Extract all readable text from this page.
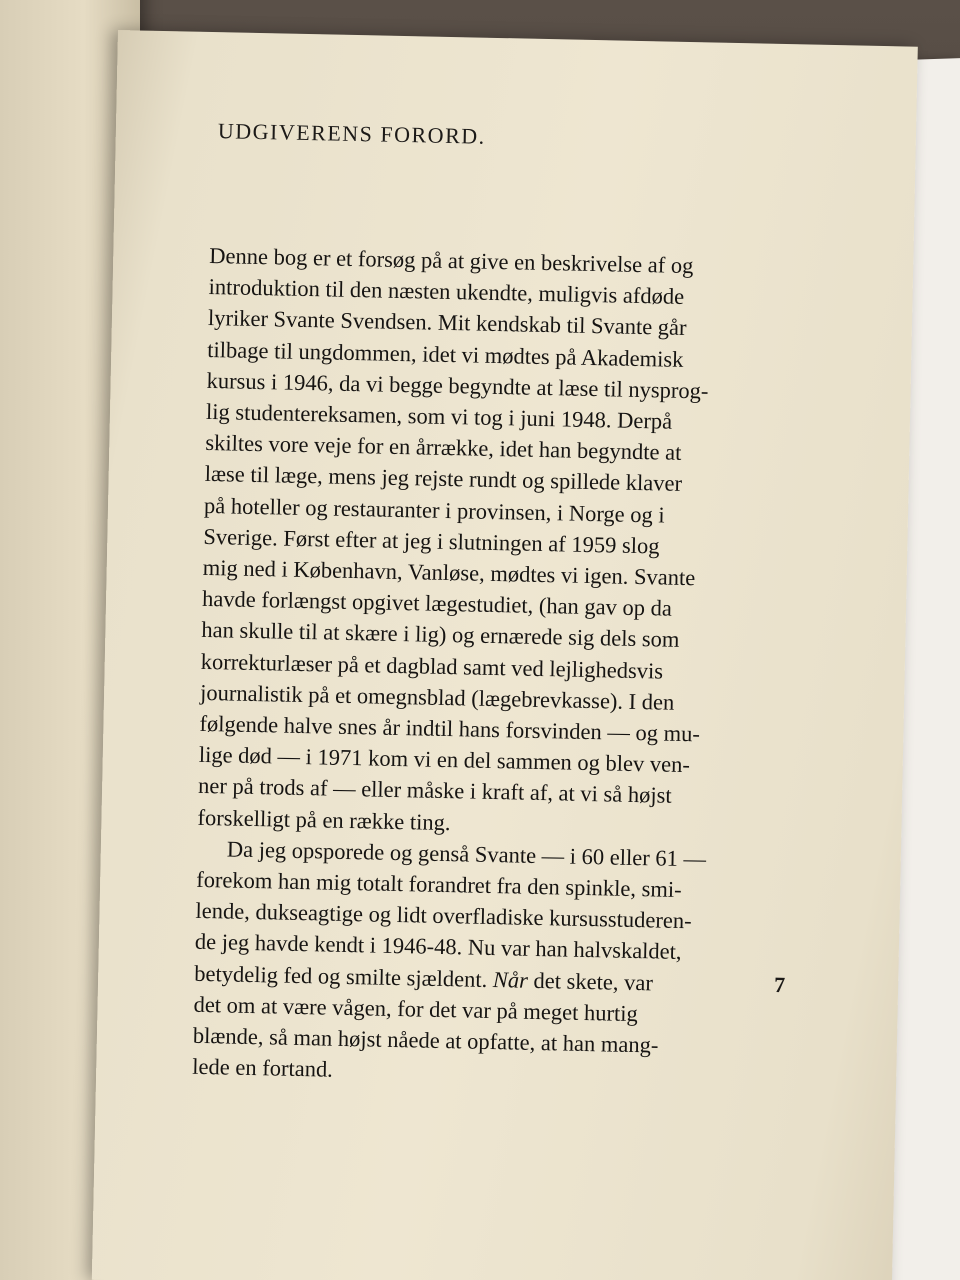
UDGIVERENS FORORD.
Denne bog er et forsøg på at give en beskrivelse af og
introduktion til den næsten ukendte, muligvis afdøde
lyriker Svante Svendsen. Mit kendskab til Svante går
tilbage til ungdommen, idet vi mødtes på Akademisk
kursus i 1946, da vi begge begyndte at læse til nysprog-
lig studentereksamen, som vi tog i juni 1948. Derpå
skiltes vore veje for en årrække, idet han begyndte at
læse til læge, mens jeg rejste rundt og spillede klaver
på hoteller og restauranter i provinsen, i Norge og i
Sverige. Først efter at jeg i slutningen af 1959 slog
mig ned i København, Vanløse, mødtes vi igen. Svante
havde forlængst opgivet lægestudiet, (han gav op da
han skulle til at skære i lig) og ernærede sig dels som
korrekturlæser på et dagblad samt ved lejlighedsvis
journalistik på et omegnsblad (lægebrevkasse). I den
følgende halve snes år indtil hans forsvinden — og mu-
lige død — i 1971 kom vi en del sammen og blev ven-
ner på trods af — eller måske i kraft af, at vi så højst
forskelligt på en række ting.
Da jeg opsporede og genså Svante — i 60 eller 61 —
forekom han mig totalt forandret fra den spinkle, smi-
lende, dukseagtige og lidt overfladiske kursusstuderen-
de jeg havde kendt i 1946-48. Nu var han halvskaldet,
betydelig fed og smilte sjældent. Når det skete, var
det om at være vågen, for det var på meget hurtig
blænde, så man højst nåede at opfatte, at han mang-
lede en fortand.
7
